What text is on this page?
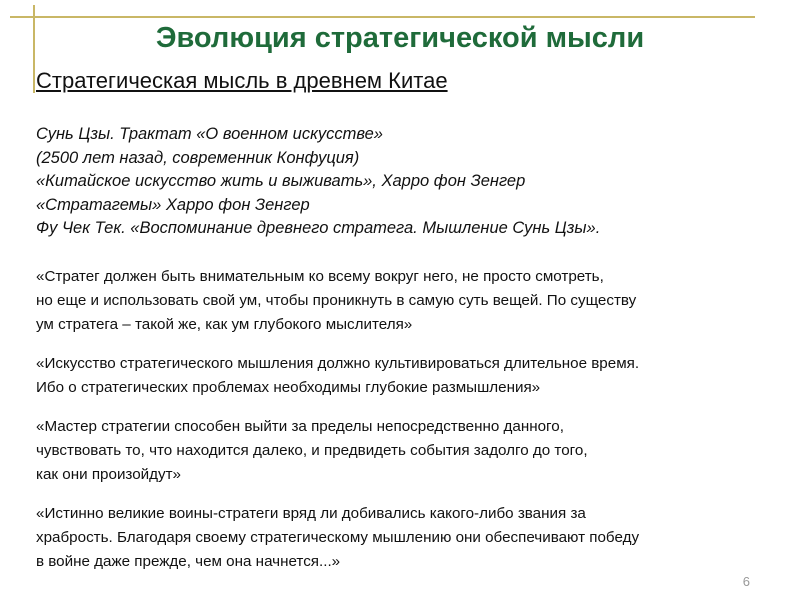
Эволюция стратегической мысли
Стратегическая мысль в древнем Китае
Сунь Цзы. Трактат «О военном искусстве»
(2500 лет назад, современник Конфуция)
«Китайское искусство жить и выживать», Харро фон Зенгер
«Стратагемы» Харро фон Зенгер
Фу Чек Тек. «Воспоминание древнего стратега. Мышление Сунь Цзы».
«Стратег должен быть внимательным ко всему вокруг него, не просто смотреть,
но еще и использовать свой ум, чтобы проникнуть в самую суть вещей. По существу
ум стратега – такой же, как ум глубокого мыслителя»
«Искусство стратегического мышления должно культивироваться длительное время.
Ибо о стратегических проблемах необходимы глубокие размышления»
«Мастер стратегии способен выйти за пределы непосредственно данного,
чувствовать то, что находится далеко, и предвидеть события задолго до того,
как они произойдут»
«Истинно великие воины-стратеги вряд ли добивались какого-либо звания за
храбрость. Благодаря своему стратегическому мышлению они обеспечивают победу
в войне даже прежде, чем она начнется...»
6
